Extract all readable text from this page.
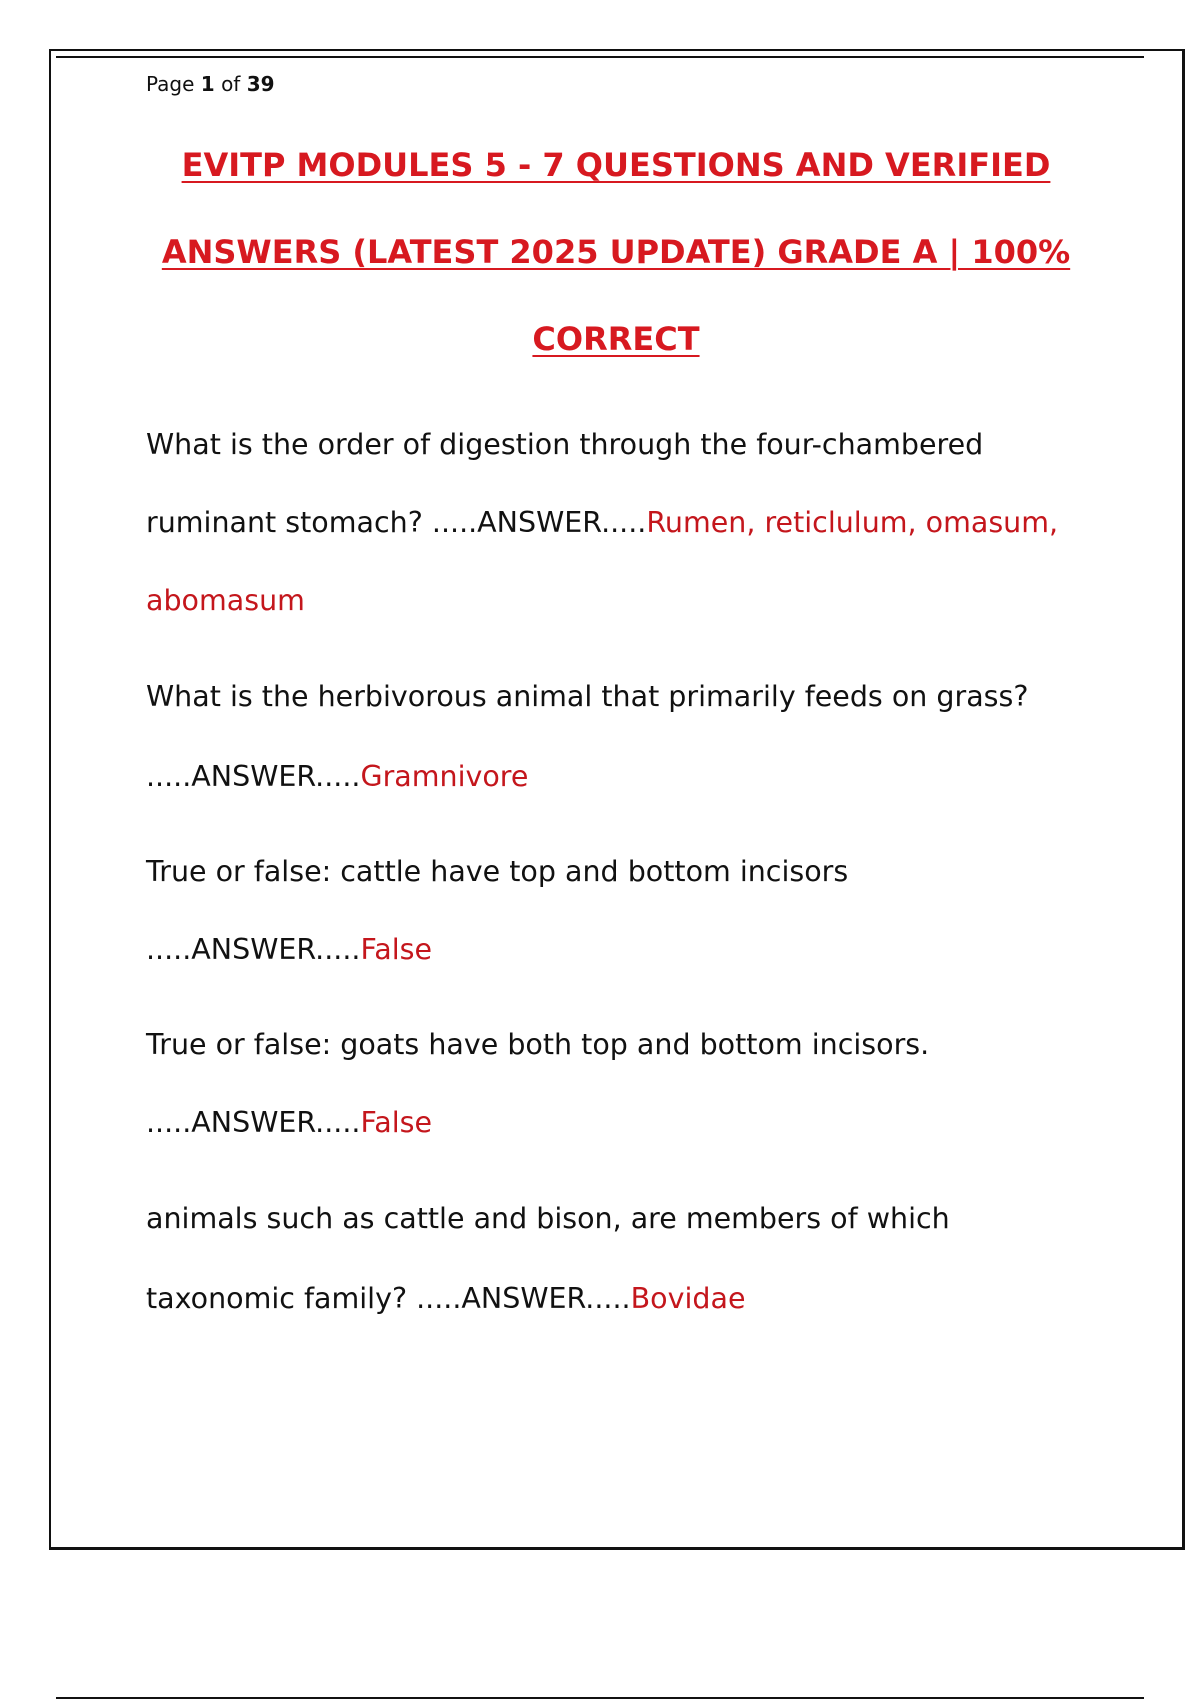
Page 1 of 39
EVITP MODULES 5 - 7 QUESTIONS AND VERIFIED
ANSWERS (LATEST 2025 UPDATE) GRADE A | 100%
CORRECT
What is the order of digestion through the four-chambered
ruminant stomach? .....ANSWER.....Rumen, reticlulum, omasum,
abomasum
What is the herbivorous animal that primarily feeds on grass?
.....ANSWER.....Gramnivore
True or false: cattle have top and bottom incisors
.....ANSWER.....False
True or false: goats have both top and bottom incisors.
.....ANSWER.....False
animals such as cattle and bison, are members of which
taxonomic family? .....ANSWER.....Bovidae
